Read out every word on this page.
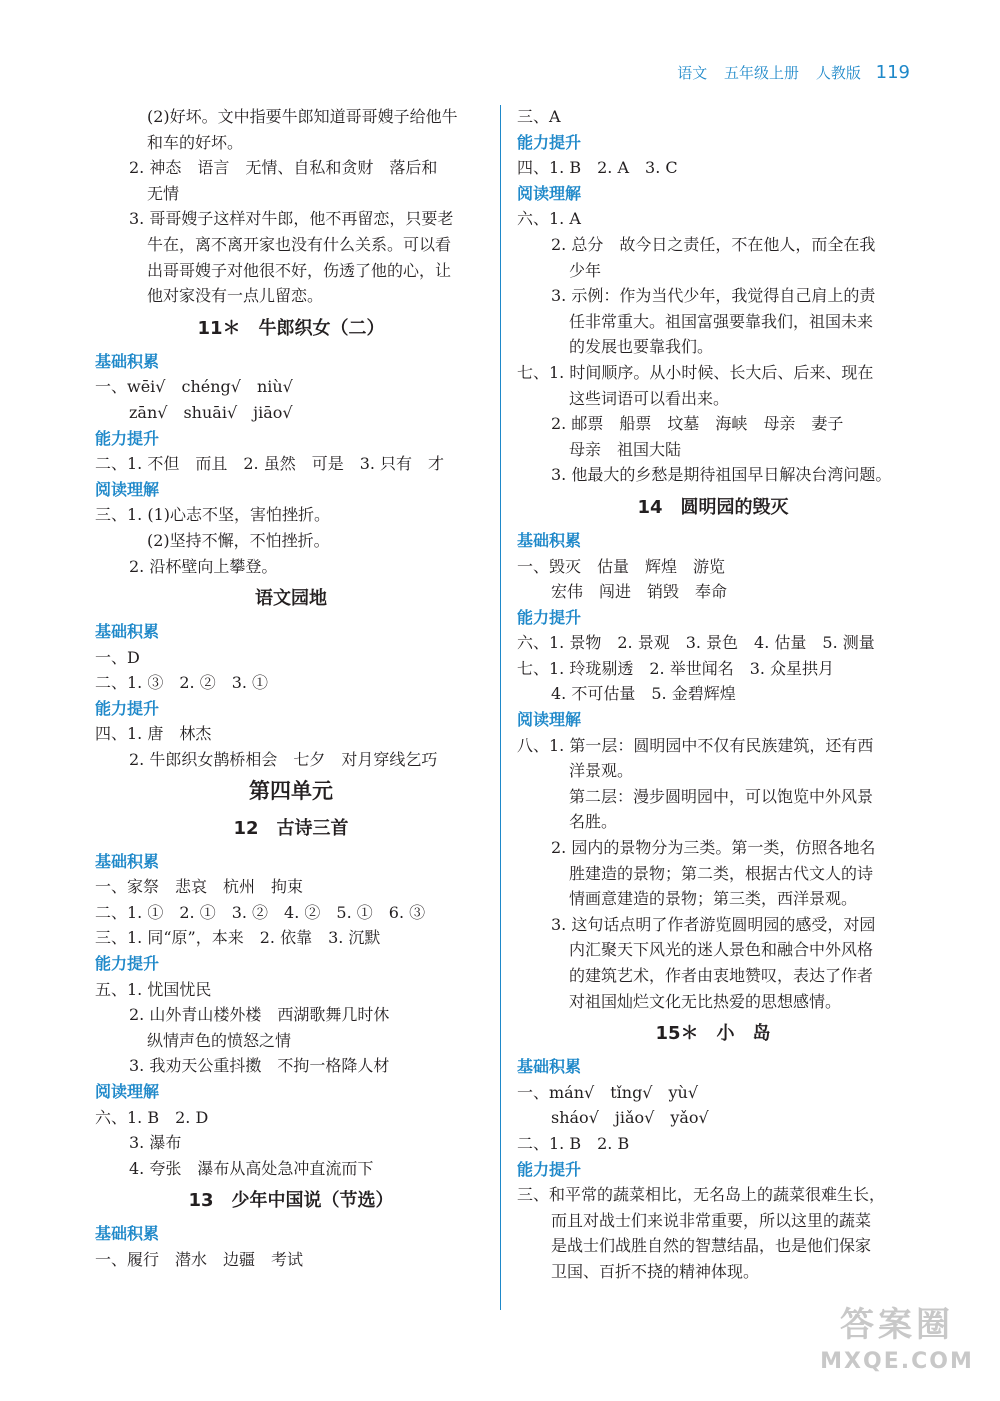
语文 五年级上册 人教版 119
(2)好坏。文中指要牛郎知道哥哥嫂子给他牛
和车的好坏。
2. 神态　语言　无情、自私和贪财　落后和
无情
3. 哥哥嫂子这样对牛郎，他不再留恋，只要老
牛在，离不离开家也没有什么关系。可以看
出哥哥嫂子对他很不好，伤透了他的心，让
他对家没有一点儿留恋。
11＊　牛郎织女（二）
基础积累
一、wēi√　chéng√　niù√
zān√　shuāi√　jiāo√
能力提升
二、1. 不但　而且　2. 虽然　可是　3. 只有　才
阅读理解
三、1. (1)心志不坚，害怕挫折。
(2)坚持不懈，不怕挫折。
2. 沿杯壁向上攀登。
语文园地
基础积累
一、D
二、1. ③　2. ②　3. ①
能力提升
四、1. 唐　林杰
2. 牛郎织女鹊桥相会　七夕　对月穿线乞巧
第四单元
12　古诗三首
基础积累
一、家祭　悲哀　杭州　拘束
二、1. ①　2. ①　3. ②　4. ②　5. ①　6. ③
三、1. 同“原”，本来　2. 依靠　3. 沉默
能力提升
五、1. 忧国忧民
2. 山外青山楼外楼　西湖歌舞几时休
纵情声色的愤怒之情
3. 我劝天公重抖擞　不拘一格降人材
阅读理解
六、1. B　2. D
3. 瀑布
4. 夸张　瀑布从高处急冲直流而下
13　少年中国说（节选）
基础积累
一、履行　潜水　边疆　考试
三、A
能力提升
四、1. B　2. A　3. C
阅读理解
六、1. A
2. 总分　故今日之责任，不在他人，而全在我
少年
3. 示例：作为当代少年，我觉得自己肩上的责
任非常重大。祖国富强要靠我们，祖国未来
的发展也要靠我们。
七、1. 时间顺序。从小时候、长大后、后来、现在
这些词语可以看出来。
2. 邮票　船票　坟墓　海峡　母亲　妻子
母亲　祖国大陆
3. 他最大的乡愁是期待祖国早日解决台湾问题。
14　圆明园的毁灭
基础积累
一、毁灭　估量　辉煌　游览
宏伟　闯进　销毁　奉命
能力提升
六、1. 景物　2. 景观　3. 景色　4. 估量　5. 测量
七、1. 玲珑剔透　2. 举世闻名　3. 众星拱月
4. 不可估量　5. 金碧辉煌
阅读理解
八、1. 第一层：圆明园中不仅有民族建筑，还有西
洋景观。
第二层：漫步圆明园中，可以饱览中外风景
名胜。
2. 园内的景物分为三类。第一类，仿照各地名
胜建造的景物；第二类，根据古代文人的诗
情画意建造的景物；第三类，西洋景观。
3. 这句话点明了作者游览圆明园的感受，对园
内汇聚天下风光的迷人景色和融合中外风格
的建筑艺术，作者由衷地赞叹，表达了作者
对祖国灿烂文化无比热爱的思想感情。
15＊　小　岛
基础积累
一、mán√　tǐng√　yù√
sháo√　jiǎo√　yǎo√
二、1. B　2. B
能力提升
三、和平常的蔬菜相比，无名岛上的蔬菜很难生长，
而且对战士们来说非常重要，所以这里的蔬菜
是战士们战胜自然的智慧结晶，也是他们保家
卫国、百折不挠的精神体现。
答案圈
MXQE.COM
